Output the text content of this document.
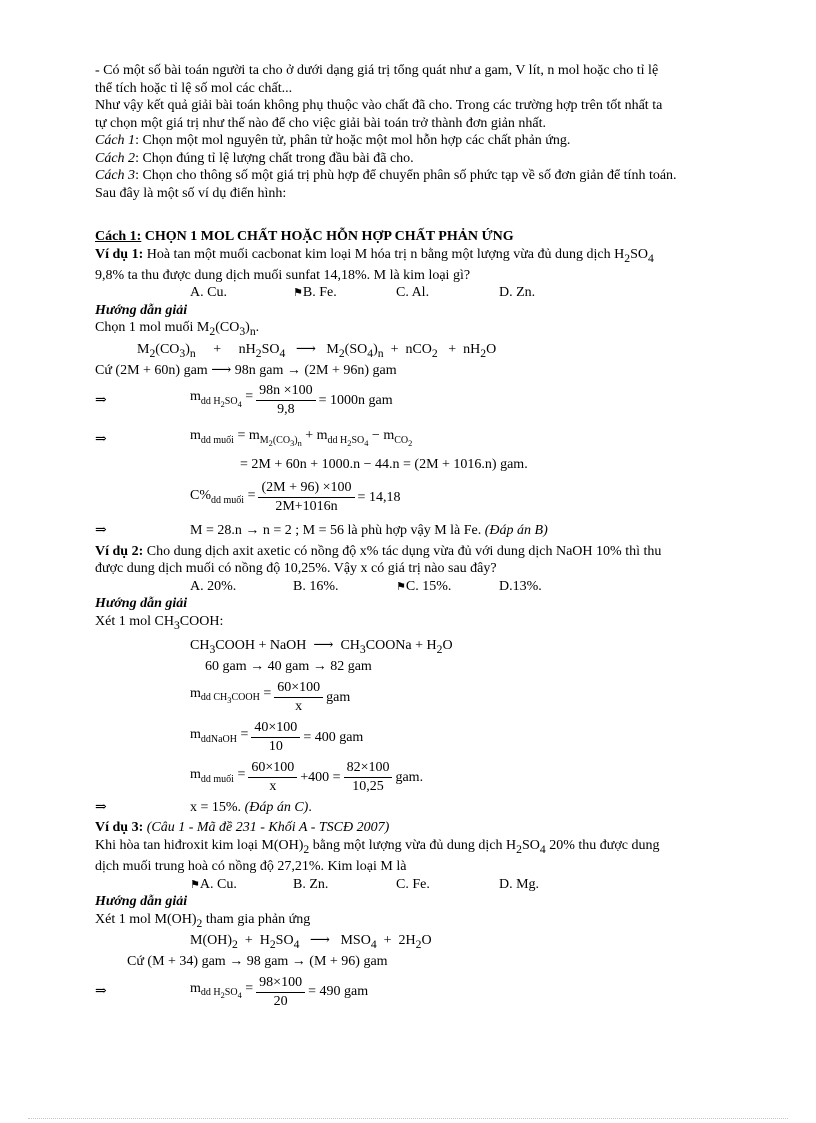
- Có một số bài toán người ta cho ở dưới dạng giá trị tổng quát như a gam, V lít, n mol hoặc cho tỉ lệ

thể tích hoặc tỉ lệ số mol các chất...

Như vậy kết quả giải bài toán không phụ thuộc vào chất đã cho. Trong các trường hợp trên tốt nhất ta

tự chọn một giá trị như thế nào để cho việc giải bài toán trở thành đơn giản nhất.

Cách 1: Chọn một mol nguyên tử, phân tử hoặc một mol hỗn hợp các chất phản ứng.

Cách 2: Chọn đúng tỉ lệ lượng chất trong đầu bài đã cho.

Cách 3: Chọn cho thông số một giá trị phù hợp để chuyển phân số phức tạp về số đơn giản để tính toán.

Sau đây là một số ví dụ điển hình:

Cách 1: CHỌN 1 MOL CHẤT HOẶC HỖN HỢP CHẤT PHẢN ỨNG

Ví dụ 1: Hoà tan một muối cacbonat kim loại M hóa trị n bằng một lượng vừa đủ dung dịch $H_2SO_4$

9,8% ta thu được dung dịch muối sunfat 14,18%. M là kim loại gì?

A. Cu.	⚑B. Fe.	C. Al.	D. Zn.

Hướng dẫn giải

Chọn 1 mol muối $M_2(CO_3)_n$.

$M_2(CO_3)_n$     +     $nH_2SO_4$   ⟶   $M_2(SO_4)_n + nCO_2 + nH_2O$

Cứ (2M + 60n) gam ⟶ 98n gam → (2M + 96n) gam

⇒	$m_{dd H_2SO_4} = \frac{98n \times 100}{9,8} = 1000n$ gam
⇒	$m_{dd muối} = m_{M_2(CO_3)_n} + m_{dd H_2SO_4} - m_{CO_2}$

= 2M + 60n + 1000.n − 44.n = (2M + 1016.n) gam.

$C\%_{dd muối} = \frac{(2M + 96) \times 100}{2M+1016n} = 14,18$
⇒	M = 28.n → n = 2 ; M = 56 là phù hợp vậy M là Fe. (Đáp án B)

Ví dụ 2: Cho dung dịch axit axetic có nồng độ x% tác dụng vừa đủ với dung dịch NaOH 10% thì thu

được dung dịch muối có nồng độ 10,25%. Vậy x có giá trị nào sau đây?

A. 20%.	B. 16%.	⚑C. 15%.	D.13%.

Hướng dẫn giải

Xét 1 mol $CH_3COOH$:

$CH_3COOH$ + NaOH  ⟶  $CH_3COONa + H_2O$

60 gam → 40 gam → 82 gam

$m_{dd CH_3COOH} = \frac{60\times 100}{x}$ gam
$m_{ddNaOH} = \frac{40\times 100}{10} = 400$ gam
$m_{dd muối} = \frac{60\times 100}{x} +400 = \frac{82\times 100}{10,25}$ gam.
⇒	x = 15%. (Đáp án C).

Ví dụ 3: (Câu 1 - Mã đề 231 - Khối A - TSCĐ 2007)

Khi hòa tan hiđroxit kim loại $M(OH)_2$ bằng một lượng vừa đủ dung dịch $H_2SO_4$ 20% thu được dung

dịch muối trung hoà có nồng độ 27,21%. Kim loại M là

⚑A. Cu.	B. Zn.	C. Fe.	D. Mg.

Hướng dẫn giải

Xét 1 mol $M(OH)_2$ tham gia phản ứng

$M(OH)_2 + H_2SO_4$   ⟶   $MSO_4 + 2H_2O$

Cứ (M + 34) gam → 98 gam → (M + 96) gam

⇒	$m_{dd H_2SO_4} = \frac{98\times 100}{20} = 490$ gam
